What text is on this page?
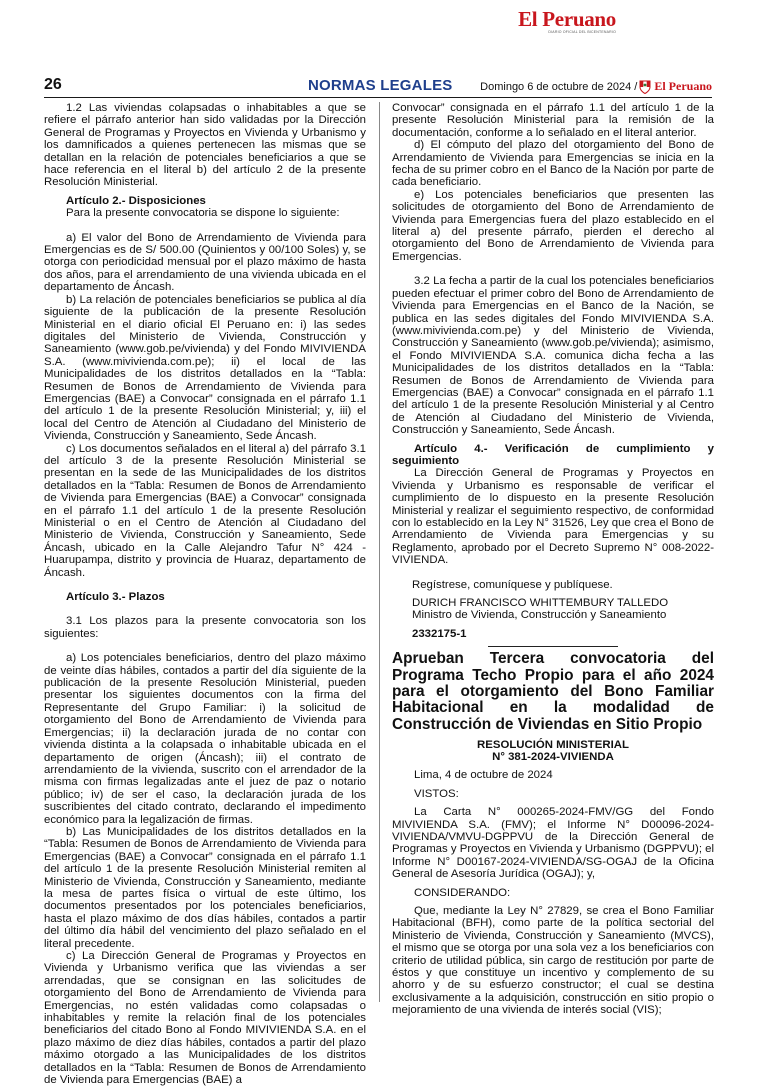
El Peruano
DIARIO OFICIAL DEL BICENTENARIO
26	NORMAS LEGALES	Domingo 6 de octubre de 2024 / El Peruano

1.2 Las viviendas colapsadas o inhabitables a que se refiere el párrafo anterior han sido validadas por la Dirección General de Programas y Proyectos en Vivienda y Urbanismo y los damnificados a quienes pertenecen las mismas que se detallan en la relación de potenciales beneficiarios a que se hace referencia en el literal b) del artículo 2 de la presente Resolución Ministerial.

Artículo 2.- Disposiciones

Para la presente convocatoria se dispone lo siguiente:

a) El valor del Bono de Arrendamiento de Vivienda para Emergencias es de S/ 500.00 (Quinientos y 00/100 Soles) y, se otorga con periodicidad mensual por el plazo máximo de hasta dos años, para el arrendamiento de una vivienda ubicada en el departamento de Áncash.

b) La relación de potenciales beneficiarios se publica al día siguiente de la publicación de la presente Resolución Ministerial en el diario oficial El Peruano en: i) las sedes digitales del Ministerio de Vivienda, Construcción y Saneamiento (www.gob.pe/vivienda) y del Fondo MIVIVIENDA S.A. (www.mivivienda.com.pe); ii) el local de las Municipalidades de los distritos detallados en la “Tabla: Resumen de Bonos de Arrendamiento de Vivienda para Emergencias (BAE) a Convocar” consignada en el párrafo 1.1 del artículo 1 de la presente Resolución Ministerial; y, iii) el local del Centro de Atención al Ciudadano del Ministerio de Vivienda, Construcción y Saneamiento, Sede Áncash.

c) Los documentos señalados en el literal a) del párrafo 3.1 del artículo 3 de la presente Resolución Ministerial se presentan en la sede de las Municipalidades de los distritos detallados en la “Tabla: Resumen de Bonos de Arrendamiento de Vivienda para Emergencias (BAE) a Convocar” consignada en el párrafo 1.1 del artículo 1 de la presente Resolución Ministerial o en el Centro de Atención al Ciudadano del Ministerio de Vivienda, Construcción y Saneamiento, Sede Áncash, ubicado en la Calle Alejandro Tafur N° 424 - Huarupampa, distrito y provincia de Huaraz, departamento de Áncash.

Artículo 3.- Plazos

3.1 Los plazos para la presente convocatoria son los siguientes:

a) Los potenciales beneficiarios, dentro del plazo máximo de veinte días hábiles, contados a partir del día siguiente de la publicación de la presente Resolución Ministerial, pueden presentar los siguientes documentos con la firma del Representante del Grupo Familiar: i) la solicitud de otorgamiento del Bono de Arrendamiento de Vivienda para Emergencias; ii) la declaración jurada de no contar con vivienda distinta a la colapsada o inhabitable ubicada en el departamento de origen (Áncash); iii) el contrato de arrendamiento de la vivienda, suscrito con el arrendador de la misma con firmas legalizadas ante el juez de paz o notario público; iv) de ser el caso, la declaración jurada de los suscribientes del citado contrato, declarando el impedimento económico para la legalización de firmas.

b) Las Municipalidades de los distritos detallados en la “Tabla: Resumen de Bonos de Arrendamiento de Vivienda para Emergencias (BAE) a Convocar” consignada en el párrafo 1.1 del artículo 1 de la presente Resolución Ministerial remiten al Ministerio de Vivienda, Construcción y Saneamiento, mediante la mesa de partes física o virtual de este último, los documentos presentados por los potenciales beneficiarios, hasta el plazo máximo de dos días hábiles, contados a partir del último día hábil del vencimiento del plazo señalado en el literal precedente.

c) La Dirección General de Programas y Proyectos en Vivienda y Urbanismo verifica que las viviendas a ser arrendadas, que se consignan en las solicitudes de otorgamiento del Bono de Arrendamiento de Vivienda para Emergencias, no estén validadas como colapsadas o inhabitables y remite la relación final de los potenciales beneficiarios del citado Bono al Fondo MIVIVIENDA S.A. en el plazo máximo de diez días hábiles, contados a partir del plazo máximo otorgado a las Municipalidades de los distritos detallados en la “Tabla: Resumen de Bonos de Arrendamiento de Vivienda para Emergencias (BAE) a

Convocar” consignada en el párrafo 1.1 del artículo 1 de la presente Resolución Ministerial para la remisión de la documentación, conforme a lo señalado en el literal anterior.

d) El cómputo del plazo del otorgamiento del Bono de Arrendamiento de Vivienda para Emergencias se inicia en la fecha de su primer cobro en el Banco de la Nación por parte de cada beneficiario.

e) Los potenciales beneficiarios que presenten las solicitudes de otorgamiento del Bono de Arrendamiento de Vivienda para Emergencias fuera del plazo establecido en el literal a) del presente párrafo, pierden el derecho al otorgamiento del Bono de Arrendamiento de Vivienda para Emergencias.

3.2 La fecha a partir de la cual los potenciales beneficiarios pueden efectuar el primer cobro del Bono de Arrendamiento de Vivienda para Emergencias en el Banco de la Nación, se publica en las sedes digitales del Fondo MIVIVIENDA S.A. (www.mivivienda.com.pe) y del Ministerio de Vivienda, Construcción y Saneamiento (www.gob.pe/vivienda); asimismo, el Fondo MIVIVIENDA S.A. comunica dicha fecha a las Municipalidades de los distritos detallados en la “Tabla: Resumen de Bonos de Arrendamiento de Vivienda para Emergencias (BAE) a Convocar” consignada en el párrafo 1.1 del artículo 1 de la presente Resolución Ministerial y al Centro de Atención al Ciudadano del Ministerio de Vivienda, Construcción y Saneamiento, Sede Áncash.

Artículo 4.- Verificación de cumplimiento y seguimiento

La Dirección General de Programas y Proyectos en Vivienda y Urbanismo es responsable de verificar el cumplimiento de lo dispuesto en la presente Resolución Ministerial y realizar el seguimiento respectivo, de conformidad con lo establecido en la Ley N° 31526, Ley que crea el Bono de Arrendamiento de Vivienda para Emergencias y su Reglamento, aprobado por el Decreto Supremo N° 008-2022-VIVIENDA.

Regístrese, comuníquese y publíquese.

DURICH FRANCISCO WHITTEMBURY TALLEDO

Ministro de Vivienda, Construcción y Saneamiento

2332175-1

Aprueban Tercera convocatoria del Programa Techo Propio para el año 2024 para el otorgamiento del Bono Familiar Habitacional en la modalidad de Construcción de Viviendas en Sitio Propio

RESOLUCIÓN MINISTERIAL

N° 381-2024-VIVIENDA

Lima, 4 de octubre de 2024

VISTOS:

La Carta N° 000265-2024-FMV/GG del Fondo MIVIVIENDA S.A. (FMV); el Informe N° D00096-2024-VIVIENDA/VMVU-DGPPVU de la Dirección General de Programas y Proyectos en Vivienda y Urbanismo (DGPPVU); el Informe N° D00167-2024-VIVIENDA/SG-OGAJ de la Oficina General de Asesoría Jurídica (OGAJ); y,

CONSIDERANDO:

Que, mediante la Ley N° 27829, se crea el Bono Familiar Habitacional (BFH), como parte de la política sectorial del Ministerio de Vivienda, Construcción y Saneamiento (MVCS), el mismo que se otorga por una sola vez a los beneficiarios con criterio de utilidad pública, sin cargo de restitución por parte de éstos y que constituye un incentivo y complemento de su ahorro y de su esfuerzo constructor; el cual se destina exclusivamente a la adquisición, construcción en sitio propio o mejoramiento de una vivienda de interés social (VIS);
